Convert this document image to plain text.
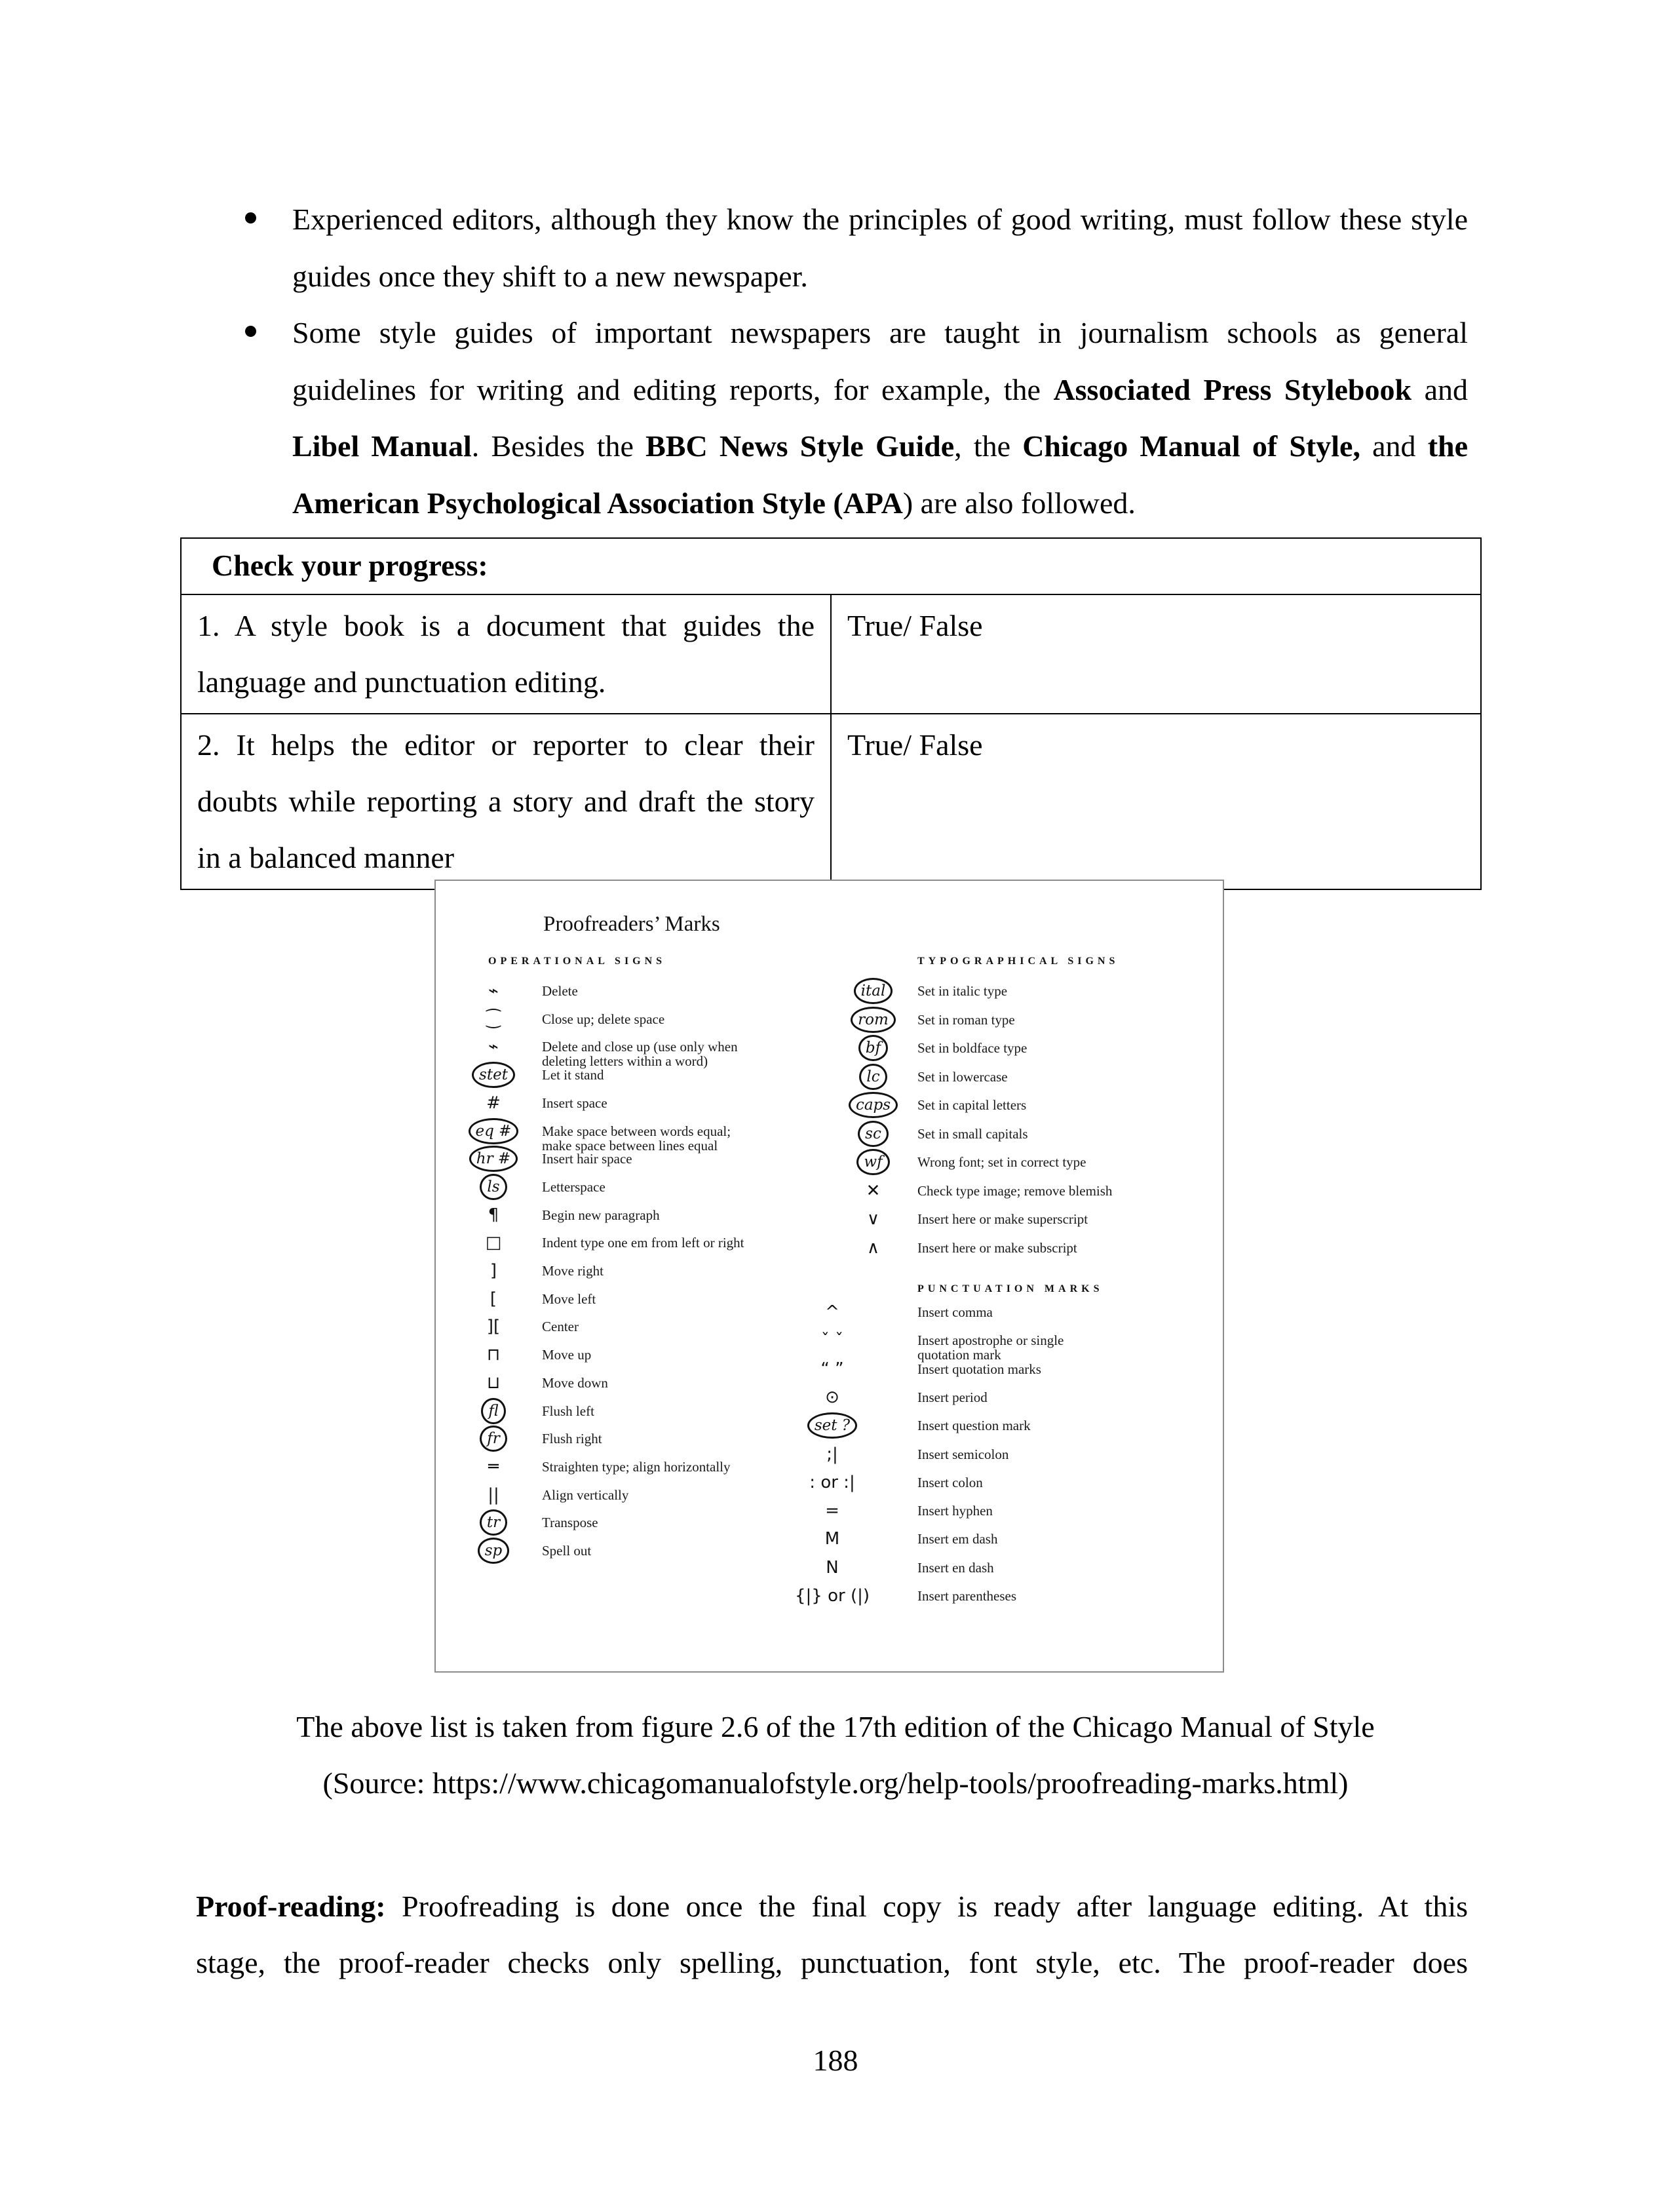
Experienced editors, although they know the principles of good writing, must follow these style guides once they shift to a new newspaper.
Some style guides of important newspapers are taught in journalism schools as general guidelines for writing and editing reports, for example, the Associated Press Stylebook and Libel Manual. Besides the BBC News Style Guide, the Chicago Manual of Style, and the American Psychological Association Style (APA) are also followed.
Check your progress:	

1. A style book is a document that guides the language and punctuation editing.	True/ False

2. It helps the editor or reporter to clear their doubts while reporting a story and draft the story in a balanced manner	True/ False
Proofreaders’ Marks
OPERATIONAL SIGNS	TYPOGRAPHICAL SIGNS
PUNCTUATION MARKS
⌁	Delete
⁐	Close up; delete space
⌁	Delete and close up (use only when
deleting letters within a word)
stet	Let it stand
#	Insert space
eq #	Make space between words equal;
make space between lines equal
hr #	Insert hair space
ls	Letterspace
¶	Begin new paragraph
□	Indent type one em from left or right
]	Move right
[	Move left
][	Center
⊓	Move up
⊔	Move down
fl	Flush left
fr	Flush right
═	Straighten type; align horizontally
||	Align vertically
tr	Transpose
sp	Spell out
ital	Set in italic type
rom	Set in roman type
bf	Set in boldface type
lc	Set in lowercase
caps	Set in capital letters
sc	Set in small capitals
wf	Wrong font; set in correct type
✕	Check type image; remove blemish
∨	Insert here or make superscript
∧	Insert here or make subscript
^	Insert comma
ˇ ˇ	Insert apostrophe or single
quotation mark
“ ”	Insert quotation marks
⊙	Insert period
set ?	Insert question mark
;|	Insert semicolon
: or :|	Insert colon
=	Insert hyphen
M	Insert em dash
N	Insert en dash
{|} or (|)	Insert parentheses
The above list is taken from figure 2.6 of the 17th edition of the Chicago Manual of Style
(Source: https://www.chicagomanualofstyle.org/help-tools/proofreading-marks.html)
Proof-reading: Proofreading is done once the final copy is ready after language editing. At this
stage, the proof-reader checks only spelling, punctuation, font style, etc. The proof-reader does
188
